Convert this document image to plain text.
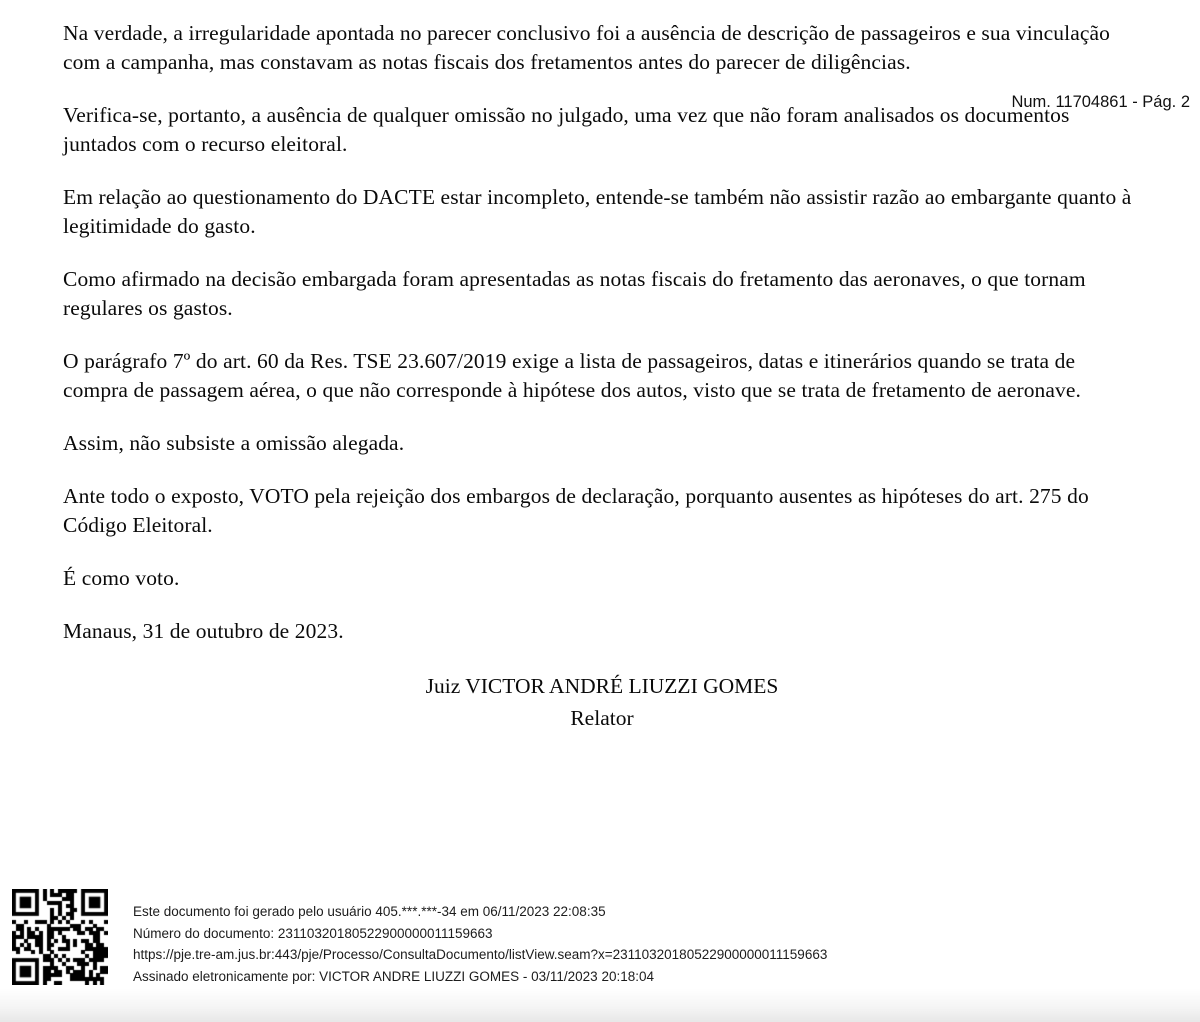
Na verdade, a irregularidade apontada no parecer conclusivo foi a ausência de descrição de passageiros e sua vinculação com a campanha, mas constavam as notas fiscais dos fretamentos antes do parecer de diligências.

Verifica-se, portanto, a ausência de qualquer omissão no julgado, uma vez que não foram analisados os documentos juntados com o recurso eleitoral.

Em relação ao questionamento do DACTE estar incompleto, entende-se também não assistir razão ao embargante quanto à legitimidade do gasto.

Como afirmado na decisão embargada foram apresentadas as notas fiscais do fretamento das aeronaves, o que tornam regulares os gastos.

O parágrafo 7º do art. 60 da Res. TSE 23.607/2019 exige a lista de passageiros, datas e itinerários quando se trata de compra de passagem aérea, o que não corresponde à hipótese dos autos, visto que se trata de fretamento de aeronave.

Assim, não subsiste a omissão alegada.

Ante todo o exposto, VOTO pela rejeição dos embargos de declaração, porquanto ausentes as hipóteses do art. 275 do Código Eleitoral.

É como voto.

Manaus, 31 de outubro de 2023.

Juiz VICTOR ANDRÉ LIUZZI GOMES
Relator
Este documento foi gerado pelo usuário 405.***.***-34 em 06/11/2023 22:08:35
Número do documento: 23110320180522900000011159663
https://pje.tre-am.jus.br:443/pje/Processo/ConsultaDocumento/listView.seam?x=23110320180522900000011159663
Assinado eletronicamente por: VICTOR ANDRE LIUZZI GOMES - 03/11/2023 20:18:04
Num. 11704861 - Pág. 2
